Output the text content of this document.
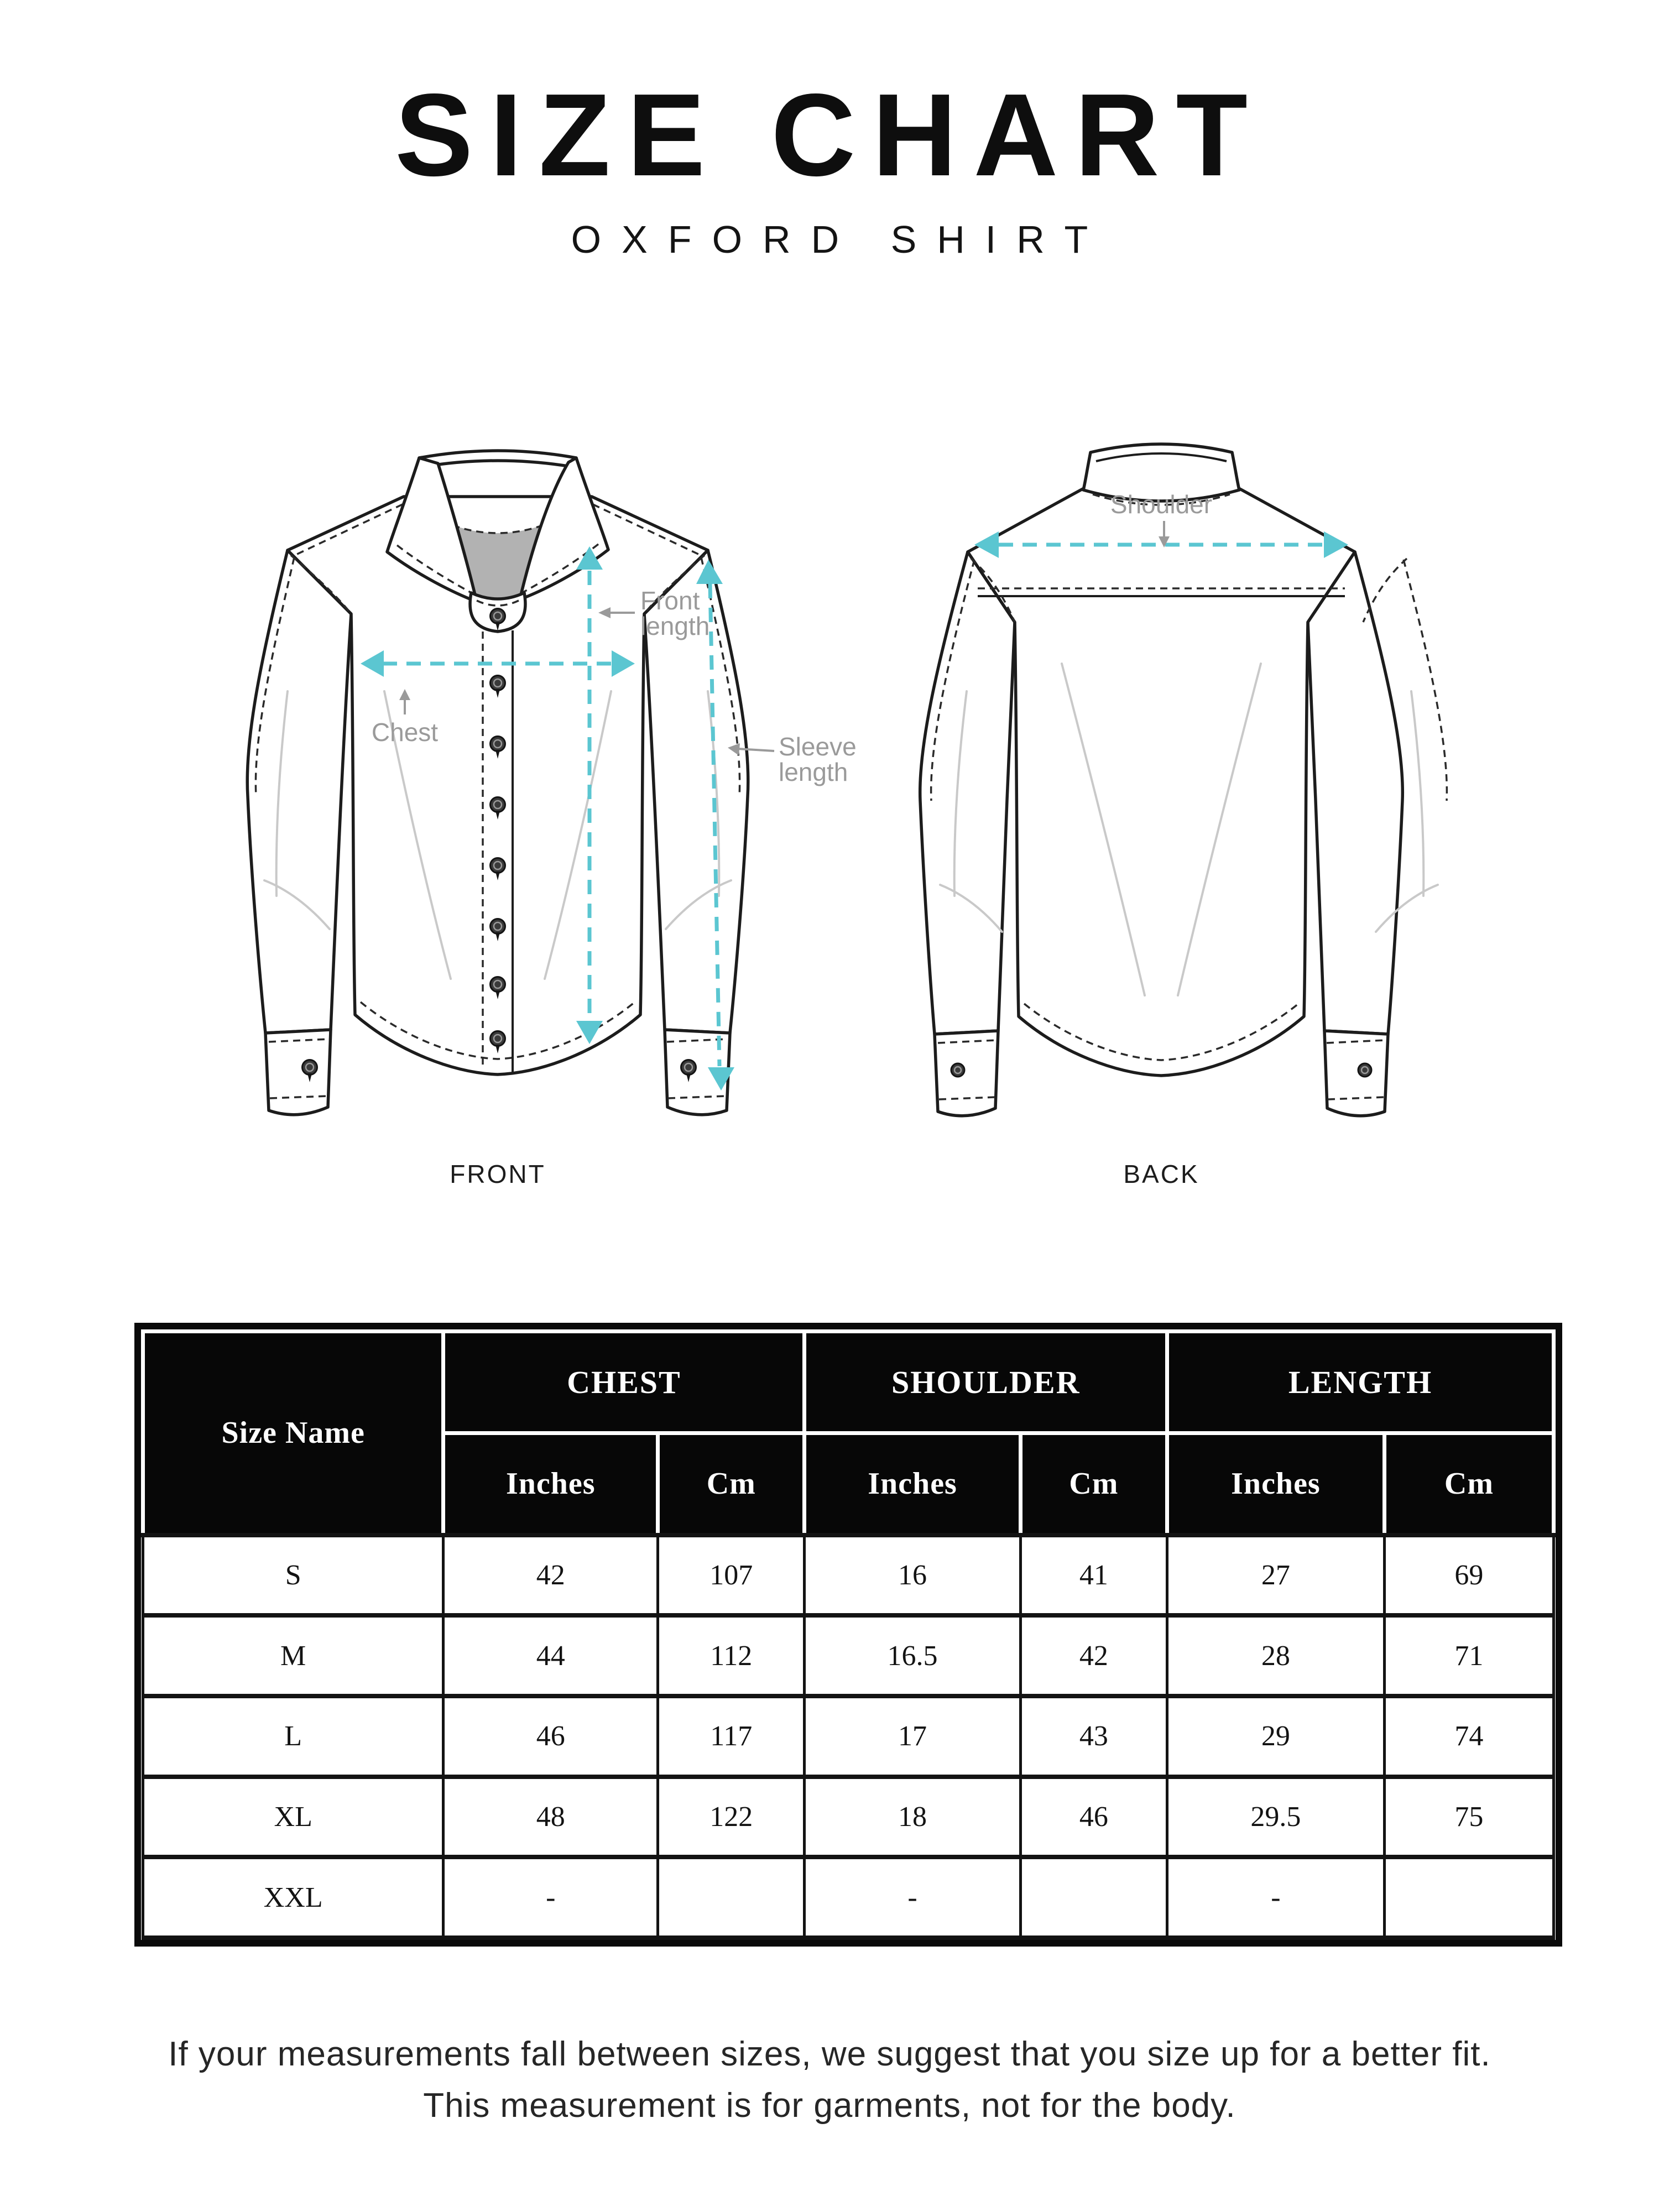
SIZE CHART
OXFORD SHIRT
Front
length
Chest	Sleeve
length
Shoulder
FRONT	BACK
Size Name	CHEST		SHOULDER		LENGTH	
	Inches	Cm	Inches	Cm	Inches	Cm
S	42	107	16	41	27	69
M	44	112	16.5	42	28	71
L	46	117	17	43	29	74
XL	48	122	18	46	29.5	75
XXL	-		-		-	
If your measurements fall between sizes, we suggest that you size up for a better fit.
This measurement is for garments, not for the body.
